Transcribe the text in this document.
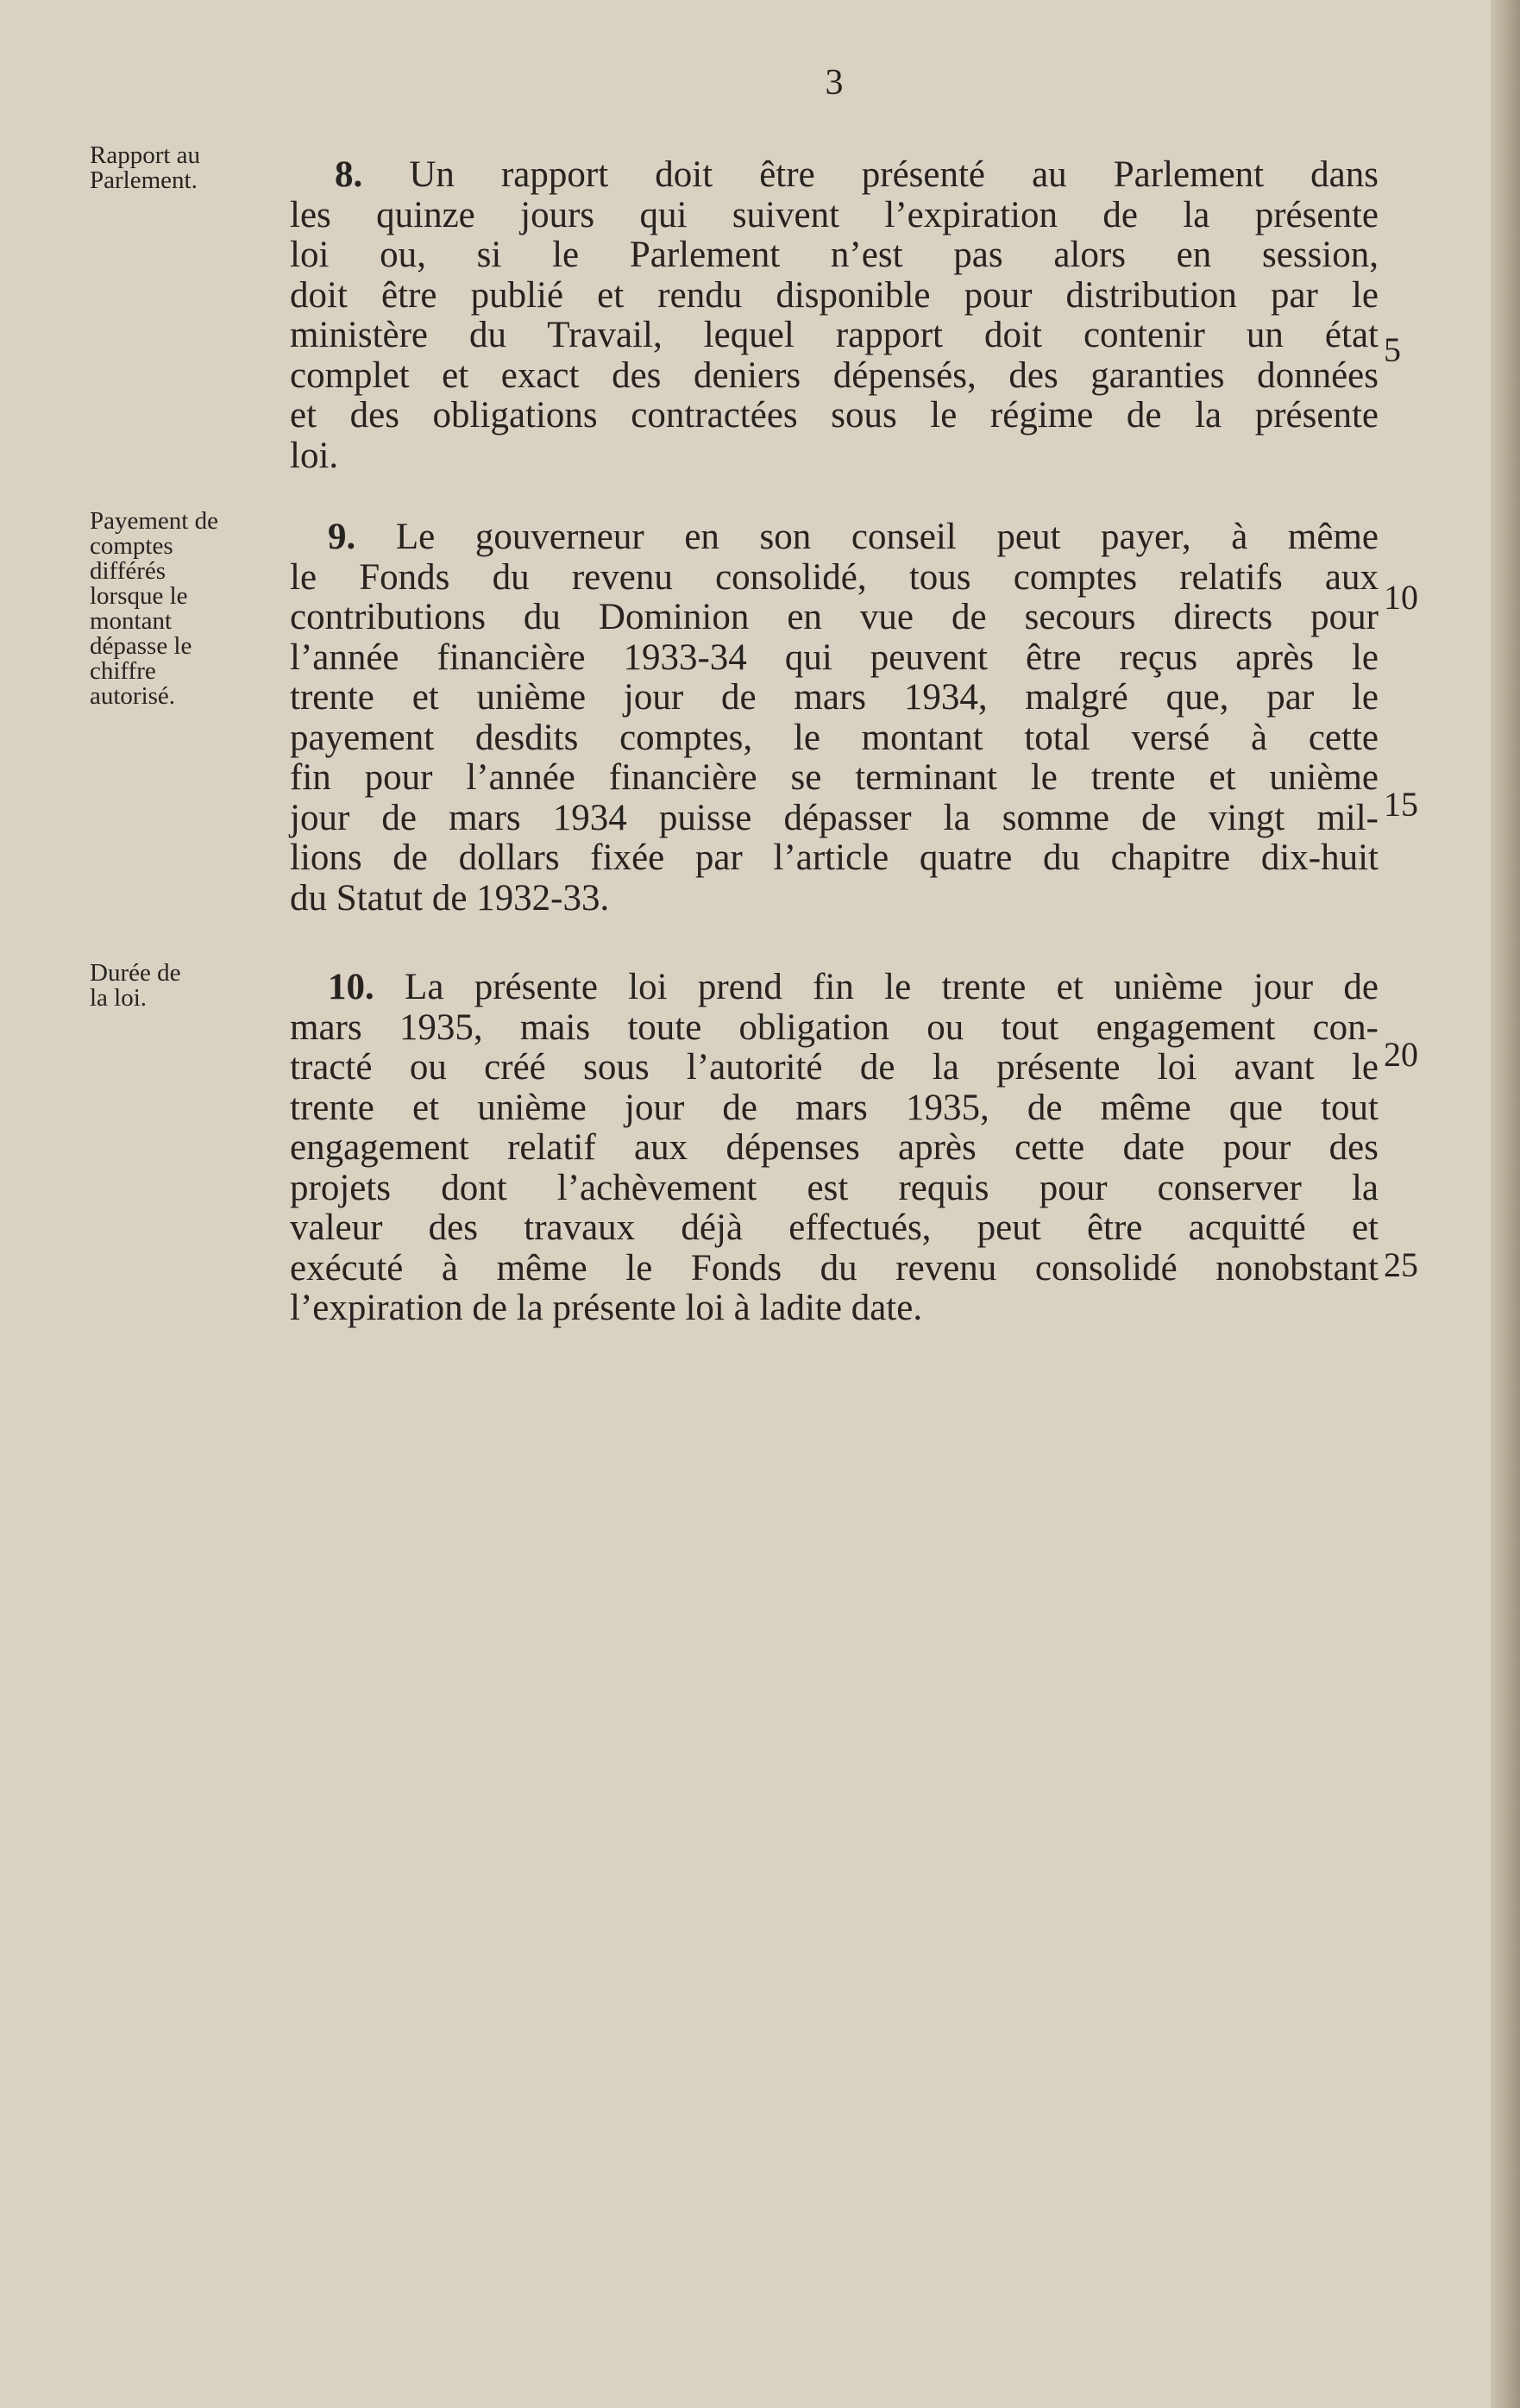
3
Rapport au
Parlement.	8. Un rapport doit être présenté au Parlement dans
les quinze jours qui suivent l’expiration de la présente
loi ou, si le Parlement n’est pas alors en session,
doit être publié et rendu disponible pour distribution par le
ministère du Travail, lequel rapport doit contenir un état
complet et exact des deniers dépensés, des garanties données
et des obligations contractées sous le régime de la présente
loi.
Payement de
comptes
différés
lorsque le
montant
dépasse le
chiffre
autorisé.
9. Le gouverneur en son conseil peut payer, à même
le Fonds du revenu consolidé, tous comptes relatifs aux
contributions du Dominion en vue de secours directs pour
l’année financière 1933-34 qui peuvent être reçus après le
trente et unième jour de mars 1934, malgré que, par le
payement desdits comptes, le montant total versé à cette
fin pour l’année financière se terminant le trente et unième
jour de mars 1934 puisse dépasser la somme de vingt mil-
lions de dollars fixée par l’article quatre du chapitre dix-huit
du Statut de 1932-33.
Durée de
la loi.	10. La présente loi prend fin le trente et unième jour de
mars 1935, mais toute obligation ou tout engagement con-
tracté ou créé sous l’autorité de la présente loi avant le
trente et unième jour de mars 1935, de même que tout
engagement relatif aux dépenses après cette date pour des
projets dont l’achèvement est requis pour conserver la
valeur des travaux déjà effectués, peut être acquitté et
exécuté à même le Fonds du revenu consolidé nonobstant
l’expiration de la présente loi à ladite date.
5
10
15
20
25
